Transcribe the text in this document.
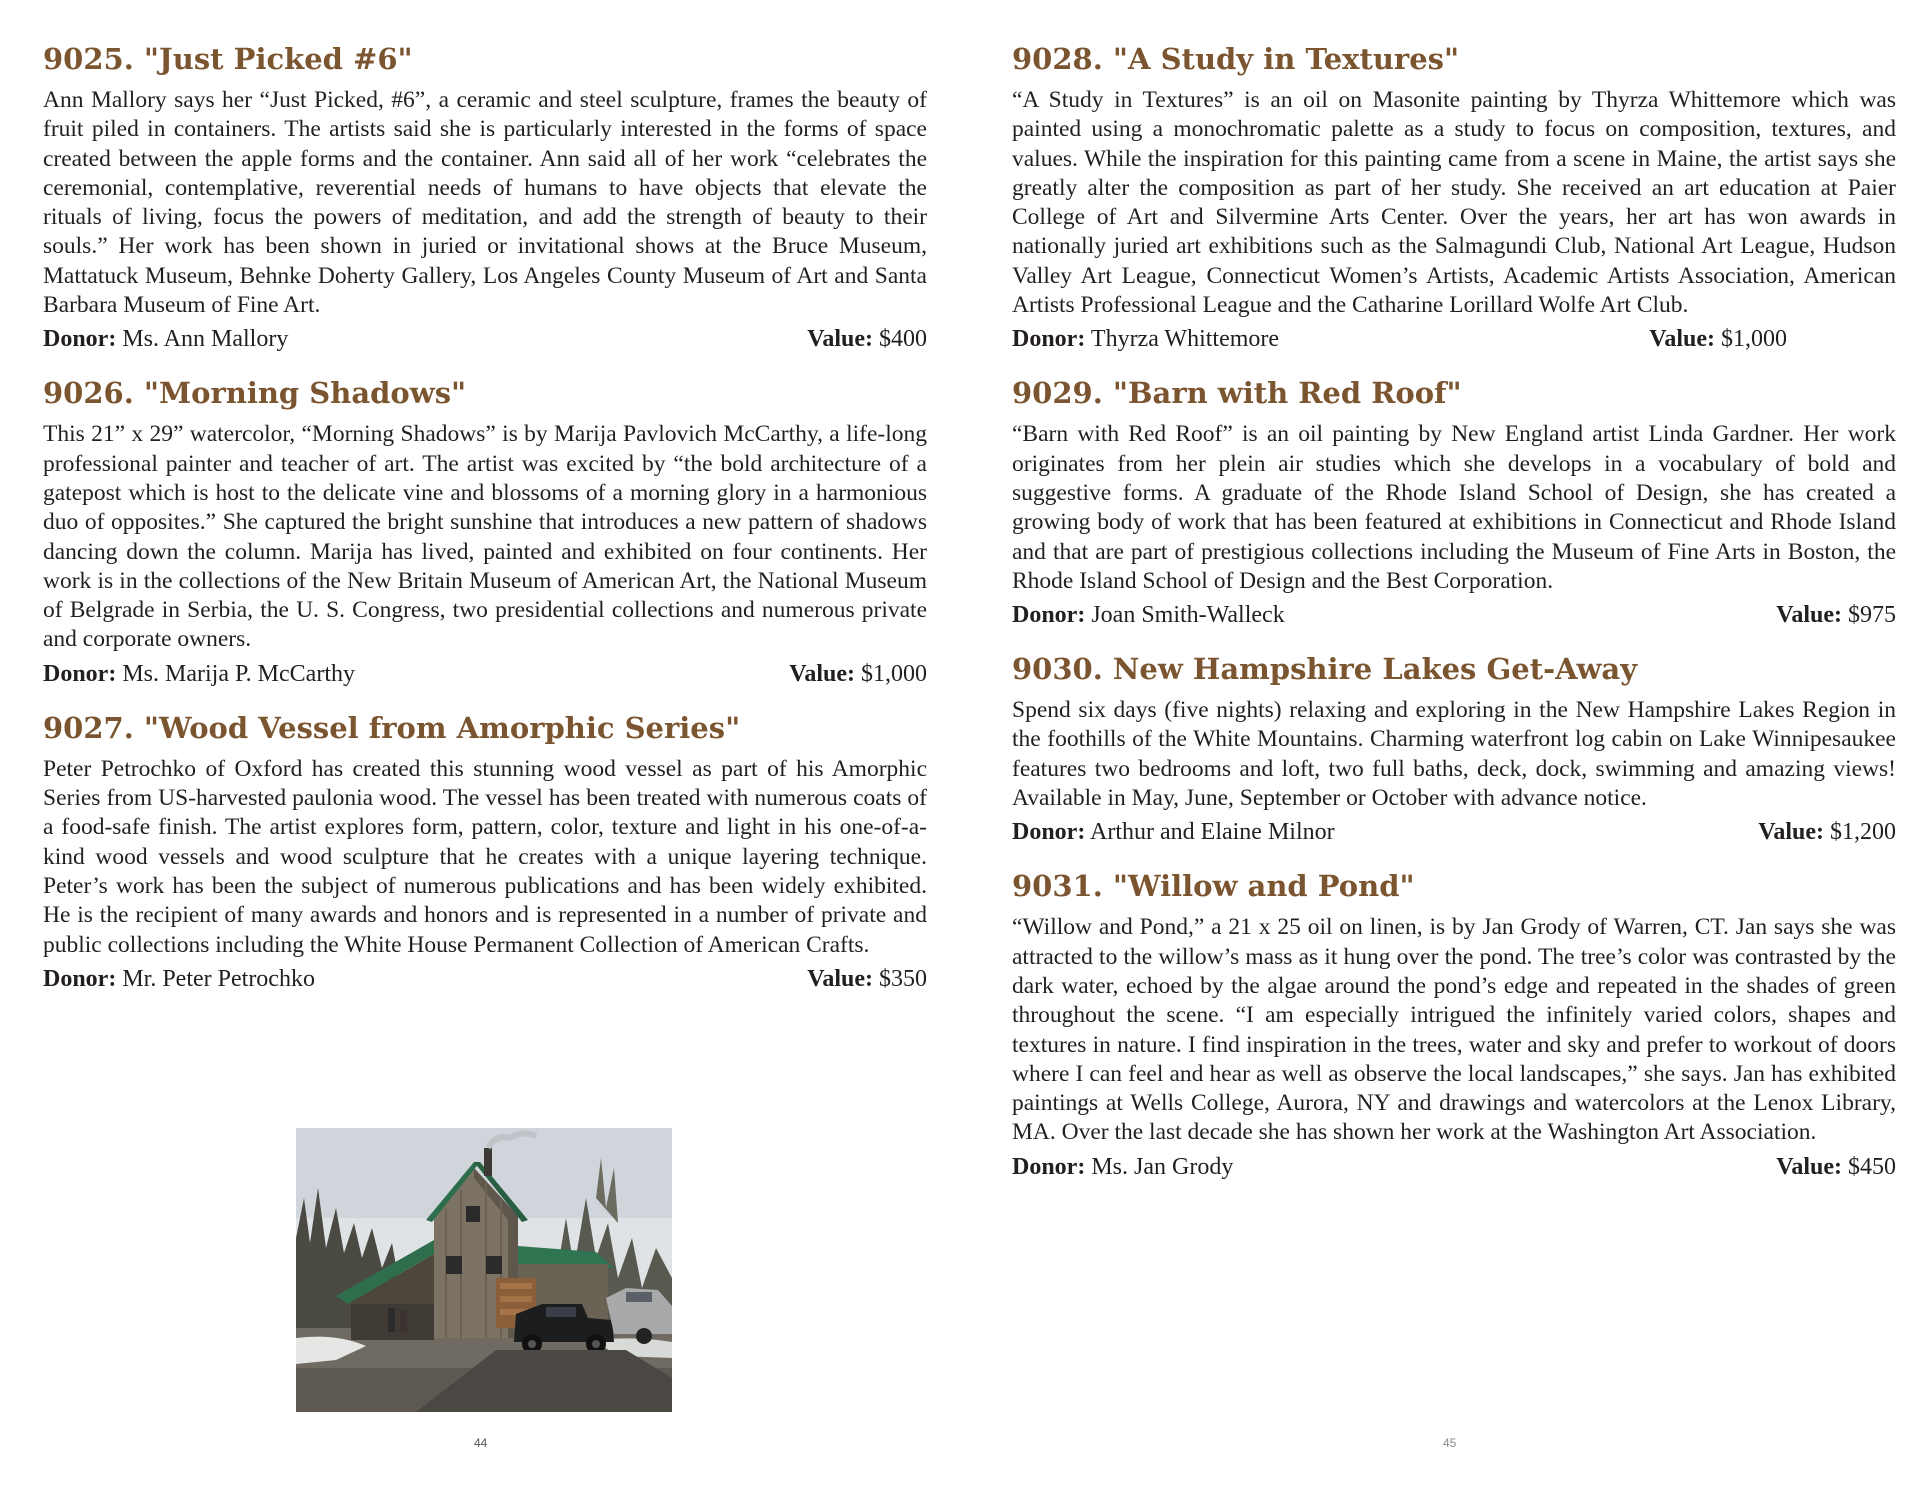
9025. "Just Picked #6"

Ann Mallory says her “Just Picked, #6”, a ceramic and steel sculpture, frames the beauty of fruit piled in containers. The artists said she is particularly interested in the forms of space created between the apple forms and the container. Ann said all of her work “celebrates the ceremonial, contemplative, reverential needs of humans to have objects that elevate the rituals of living, focus the powers of meditation, and add the strength of beauty to their souls.” Her work has been shown in juried or invitational shows at the Bruce Museum, Mattatuck Museum, Behnke Doherty Gallery, Los Angeles County Museum of Art and Santa Barbara Museum of Fine Art.

Donor: Ms. Ann Mallory	Value: $400
9026. "Morning Shadows"

This 21” x 29” watercolor, “Morning Shadows” is by Marija Pavlovich McCarthy, a life-long professional painter and teacher of art. The artist was excited by “the bold architecture of a gatepost which is host to the delicate vine and blossoms of a morning glory in a harmonious duo of opposites.” She captured the bright sunshine that introduces a new pattern of shadows dancing down the column. Marija has lived, painted and exhibited on four continents. Her work is in the collections of the New Britain Museum of American Art, the National Museum of Belgrade in Serbia, the U. S. Congress, two presidential collections and numerous private and corporate owners.

Donor: Ms. Marija P. McCarthy	Value: $1,000
9027. "Wood Vessel from Amorphic Series"

Peter Petrochko of Oxford has created this stunning wood vessel as part of his Amorphic Series from US-harvested paulonia wood. The vessel has been treated with numerous coats of a food-safe finish. The artist explores form, pattern, color, texture and light in his one-of-a-kind wood vessels and wood sculpture that he creates with a unique layering technique. Peter’s work has been the subject of numerous publications and has been widely exhibited. He is the recipient of many awards and honors and is represented in a number of private and public collections including the White House Permanent Collection of American Crafts.

Donor: Mr. Peter Petrochko	Value: $350
44
9028. "A Study in Textures"

“A Study in Textures” is an oil on Masonite painting by Thyrza Whittemore which was painted using a monochromatic palette as a study to focus on composition, textures, and values. While the inspiration for this painting came from a scene in Maine, the artist says she greatly alter the composition as part of her study. She received an art education at Paier College of Art and Silvermine Arts Center. Over the years, her art has won awards in nationally juried art exhibitions such as the Salmagundi Club, National Art League, Hudson Valley Art League, Connecticut Women’s Artists, Academic Artists Association, American Artists Professional League and the Catharine Lorillard Wolfe Art Club.

Donor: Thyrza Whittemore	Value: $1,000
9029. "Barn with Red Roof"

“Barn with Red Roof” is an oil painting by New England artist Linda Gardner. Her work originates from her plein air studies which she develops in a vocabulary of bold and suggestive forms. A graduate of the Rhode Island School of Design, she has created a growing body of work that has been featured at exhibitions in Connecticut and Rhode Island and that are part of prestigious collections including the Museum of Fine Arts in Boston, the Rhode Island School of Design and the Best Corporation.

Donor: Joan Smith-Walleck	Value: $975
9030. New Hampshire Lakes Get-Away

Spend six days (five nights) relaxing and exploring in the New Hampshire Lakes Region in the foothills of the White Mountains. Charming waterfront log cabin on Lake Winnipesaukee features two bedrooms and loft, two full baths, deck, dock, swimming and amazing views! Available in May, June, September or October with advance notice.

Donor: Arthur and Elaine Milnor	Value: $1,200
9031. "Willow and Pond"

“Willow and Pond,” a 21 x 25 oil on linen, is by Jan Grody of Warren, CT. Jan says she was attracted to the willow’s mass as it hung over the pond. The tree’s color was contrasted by the dark water, echoed by the algae around the pond’s edge and repeated in the shades of green throughout the scene. “I am especially intrigued the infinitely varied colors, shapes and textures in nature. I find inspiration in the trees, water and sky and prefer to workout of doors where I can feel and hear as well as observe the local landscapes,” she says. Jan has exhibited paintings at Wells College, Aurora, NY and drawings and watercolors at the Lenox Library, MA. Over the last decade she has shown her work at the Washington Art Association.

Donor: Ms. Jan Grody	Value: $450
45
